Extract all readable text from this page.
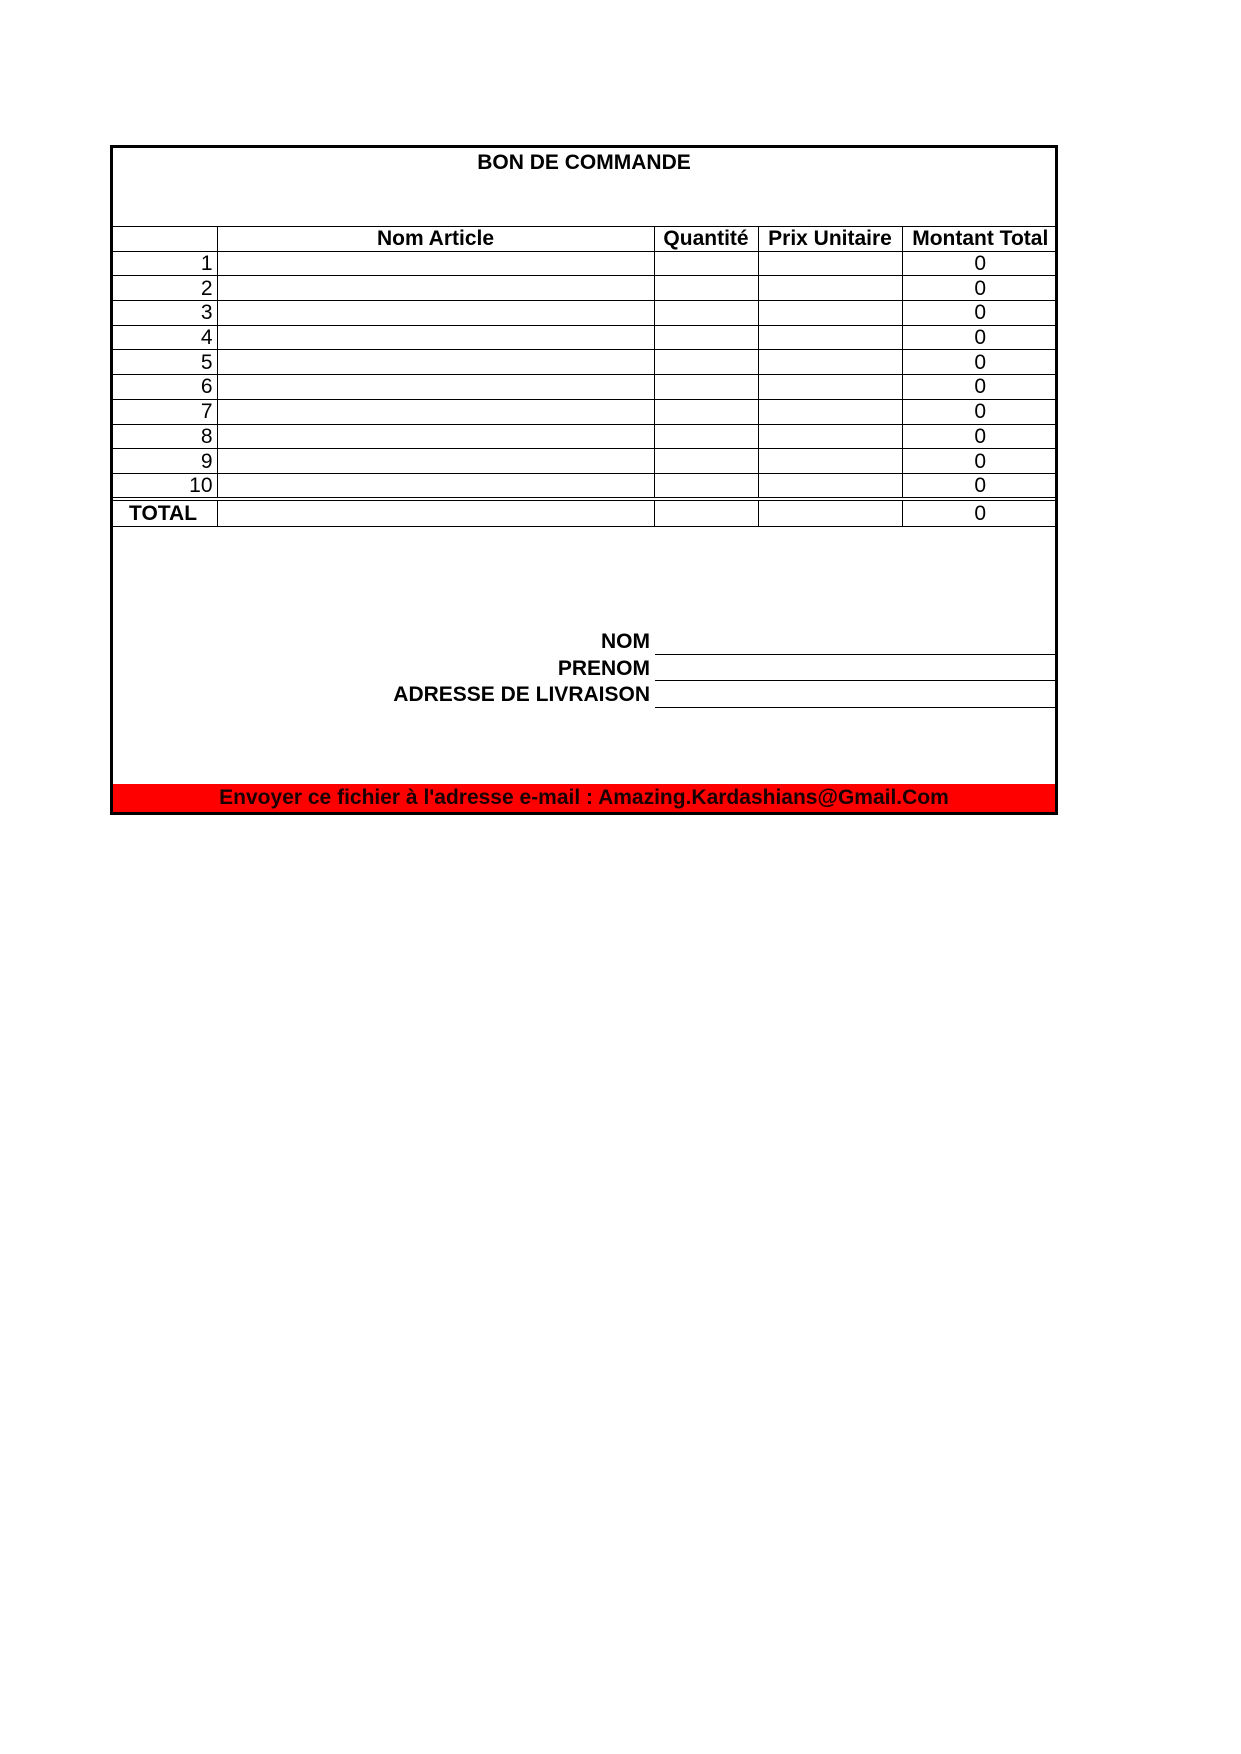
BON DE COMMANDE
	Nom Article	Quantité	Prix Unitaire	Montant Total
1				0
2				0
3				0
4				0
5				0
6				0
7				0
8				0
9				0
10				0
TOTAL				0
NOM
PRENOM
ADRESSE DE LIVRAISON
Envoyer ce fichier à l'adresse e-mail : Amazing.Kardashians@Gmail.Com
